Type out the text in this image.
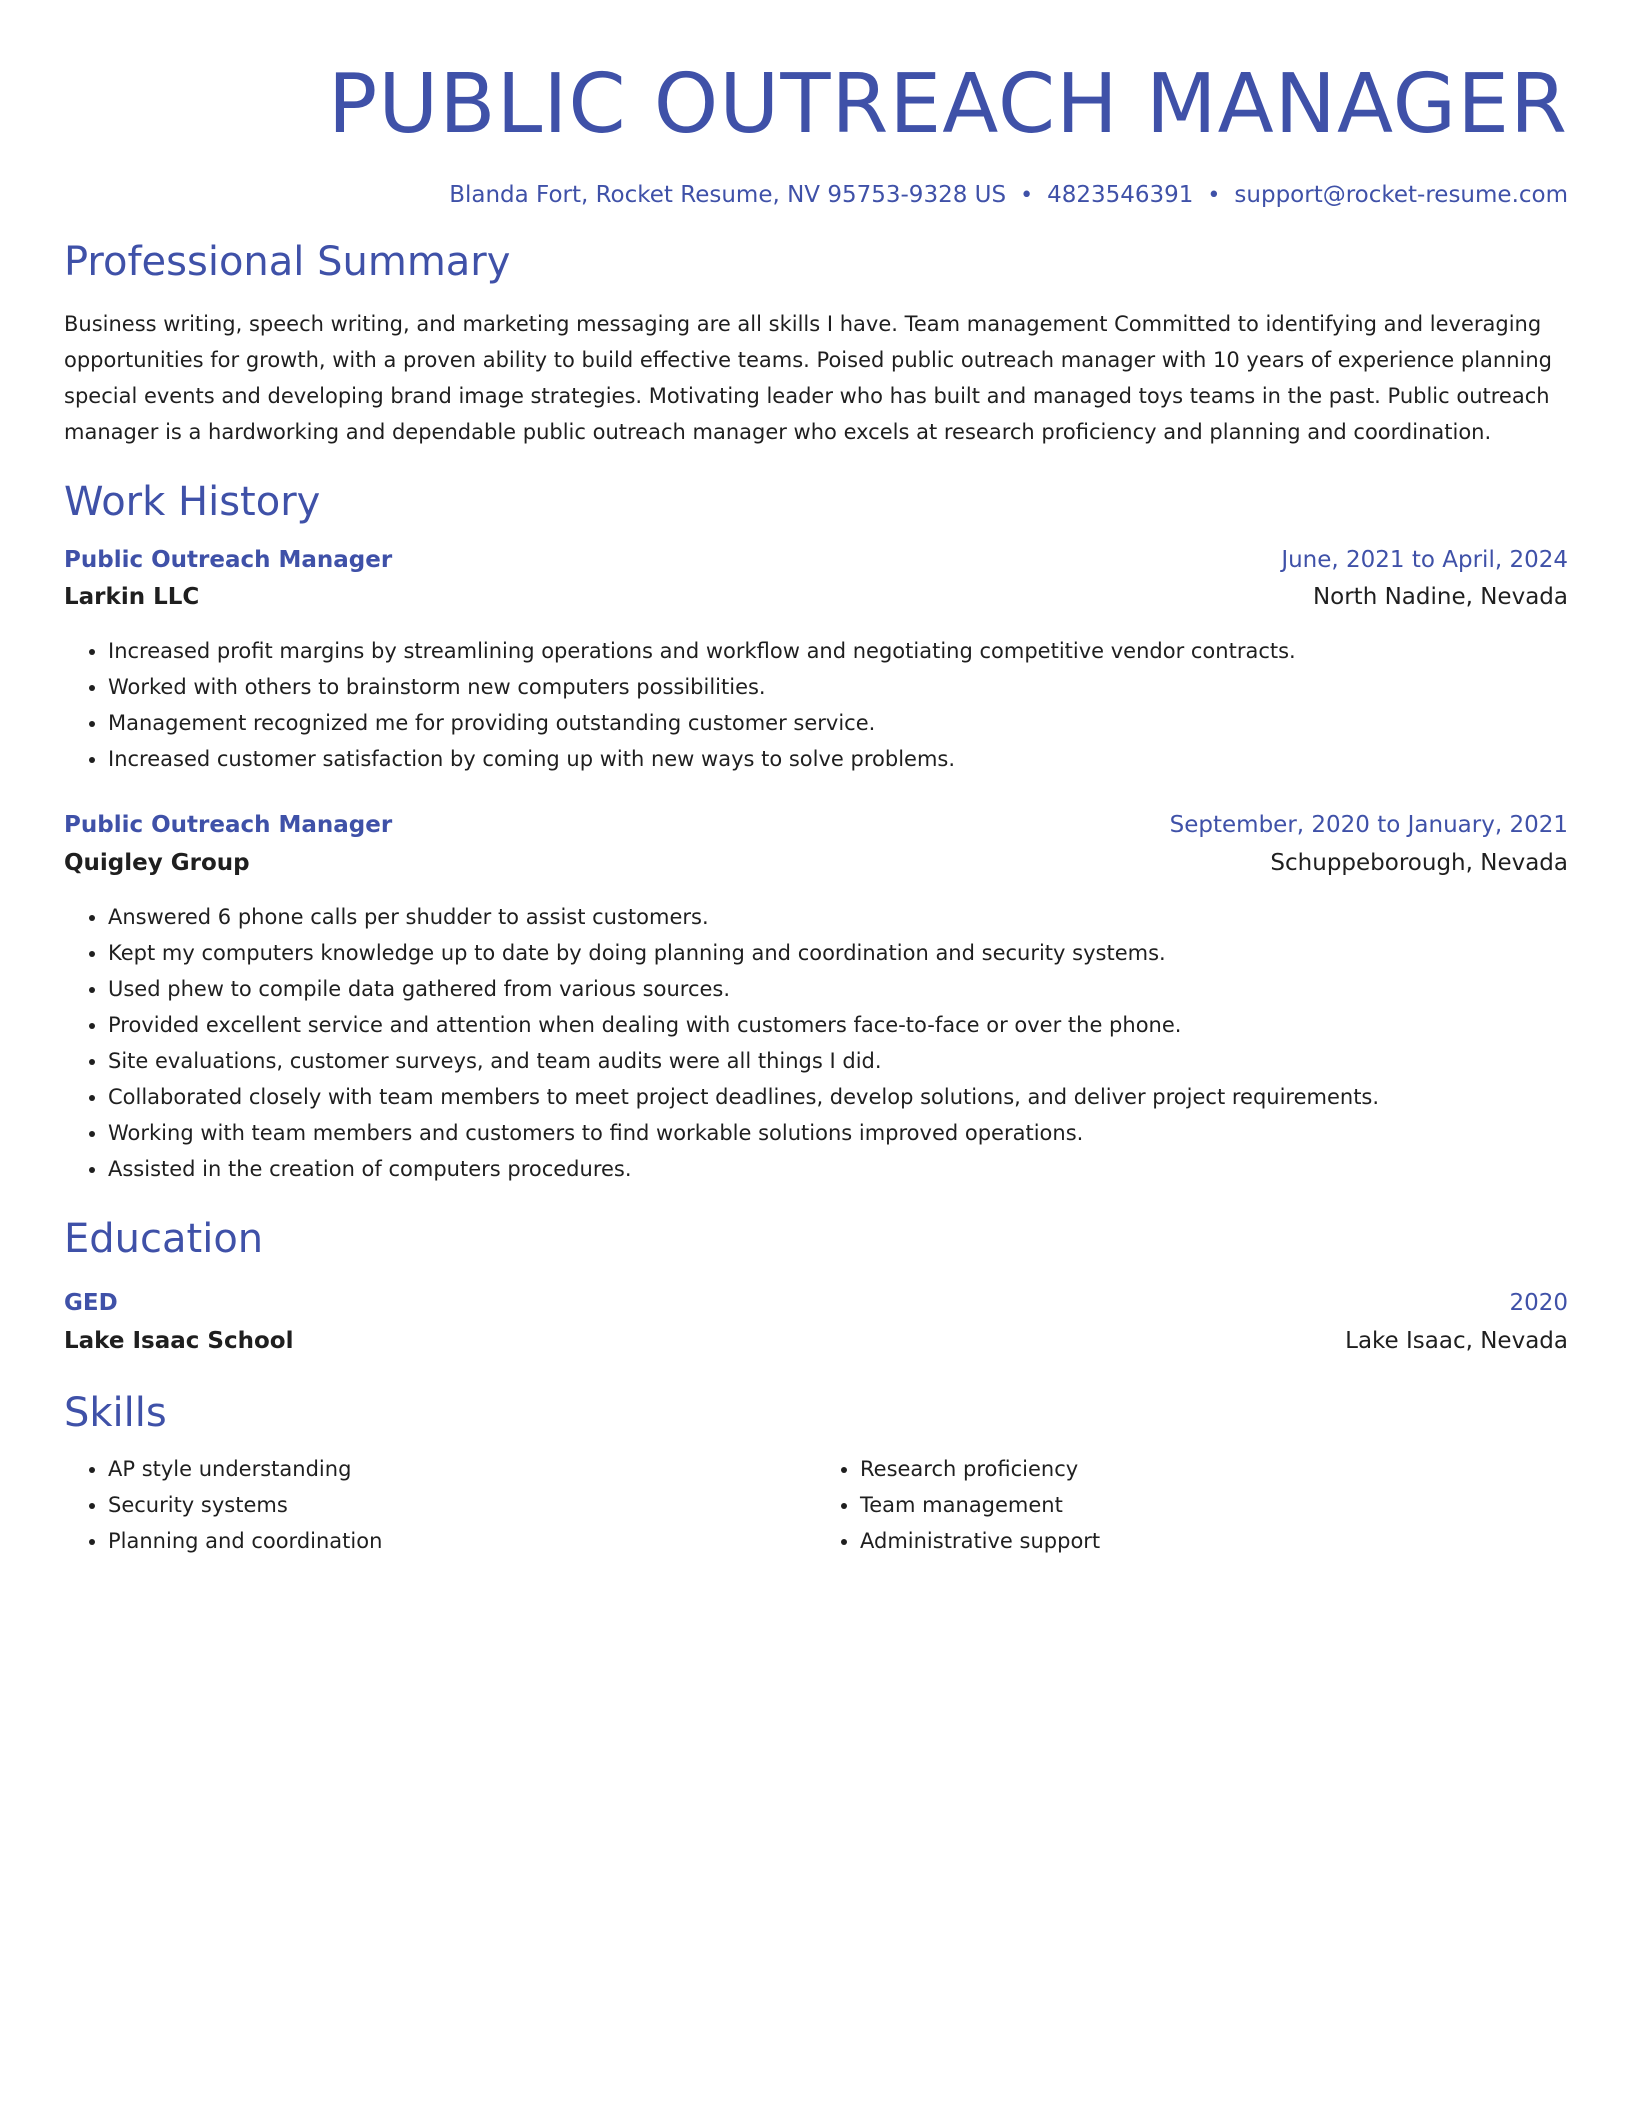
PUBLIC OUTREACH MANAGER
Blanda Fort, Rocket Resume, NV 95753-9328 US • 4823546391 • support@rocket-resume.com
Professional Summary

Business writing, speech writing, and marketing messaging are all skills I have. Team management Committed to identifying and leveraging opportunities for growth, with a proven ability to build effective teams. Poised public outreach manager with 10 years of experience planning special events and developing brand image strategies. Motivating leader who has built and managed toys teams in the past. Public outreach manager is a hardworking and dependable public outreach manager who excels at research proficiency and planning and coordination.

Work History
Public Outreach Manager	June, 2021 to April, 2024
Larkin LLC	North Nadine, Nevada
• Increased profit margins by streamlining operations and workflow and negotiating competitive vendor contracts.
• Worked with others to brainstorm new computers possibilities.
• Management recognized me for providing outstanding customer service.
• Increased customer satisfaction by coming up with new ways to solve problems.
Public Outreach Manager	September, 2020 to January, 2021
Quigley Group	Schuppeborough, Nevada
• Answered 6 phone calls per shudder to assist customers.
• Kept my computers knowledge up to date by doing planning and coordination and security systems.
• Used phew to compile data gathered from various sources.
• Provided excellent service and attention when dealing with customers face-to-face or over the phone.
• Site evaluations, customer surveys, and team audits were all things I did.
• Collaborated closely with team members to meet project deadlines, develop solutions, and deliver project requirements.
• Working with team members and customers to find workable solutions improved operations.
• Assisted in the creation of computers procedures.
Education
GED	2020
Lake Isaac School	Lake Isaac, Nevada
Skills
• AP style understanding
• Security systems
• Planning and coordination
• Research proficiency
• Team management
• Administrative support
